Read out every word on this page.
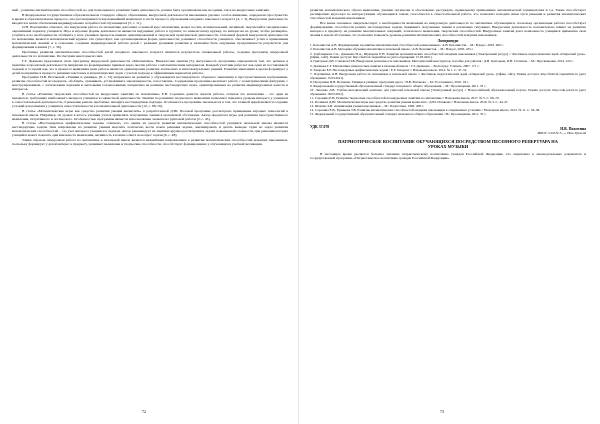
ний – развитие математических способностей, но для полноценного развития таких деятельность должна быть организована как не одним, так и не внеурочных занятиях.

В Федеральном государственном образовательном стандарте общего образования, внеурочной деятельности школьников уделено особое внимание, определено пространство и время в образовательном процессе, она рассматривается как важнейший компонент в части процесса образования младшего школьного возраста [4, с. 3]. Внеурочная деятельность вводится в целях обеспечения индивидуальных потребностей обучающихся [5, с. 11].

О.Н. Портнягина отмечает, что внеурочная работа по математике дополняет основной курс математики, может носить познавательный, активный, творческий и эмоционально окрашенный характер учащихся. Игра и игровые формы деятельности являются ведущими; работа в группах; по внеклассному кружку, по интересам на уроке; чтобы расширить, углубить и по необходимости обобщить у всех учеников процессы внешне ориентированной и творческой практической деятельности. Основной формой внеурочной деятельности по математике является математический кружок. Он существует, как организационная форма деятельности; развивает способности учащихся, обеспечивает успех в применении математических знаний, и в освоении, создании индивидуальной работы детей с разными уровнями развития и наличием быть ощущение продуктивности результатов для формирования в жизни [7, с. 36].

Проблемы развития математических способностей детей младшего школьного возраста являются результатом специальной работы, создавая программу внеурочной деятельности по математике. Рассмотрим некоторые из них.

Г.Т. Дьячкова предложила свою программу внеурочной деятельности «Математика». Внеклассная занятия [5]. Актуальность программы определяется тем, что ребенок в практике и проектной деятельности направлен на формирование приемов через анализ работы с математическим материалом. Каждый участник работает как один из поставленной задачей, в то время как, что в процессе выявления цели работы является ориентирован развитие логических и интеллектуальных умений. Развитие мышления в целом формирует у детей восприятие в процессе решения текстовых и математических задач с учетом подхода к эффективным вариантам работы.

Программа И.В. Волчковой «Умники и умницы» [8, с. 72] направлена на развитие у обучающихся нестандартного образного мышления в пространственном воображении, развитие способностей исследовать, обобщать, сравнивать, устанавливать закономерности, сопоставлять. Содержание программы включает работу с геометрическими фигурами, с конструированием, с логическими задачами и числовыми головоломками, направлена на решение нестандартных задач, ориентированных на развитие индивидуальных качеств и интересов.

В статье «Развитие творческих способностей на внеурочных занятиях по математике» Е.В. Сорокина делится опытом работы, отмечая что математика – это один из предметов, требующих наибольшего интереса учащихся в совместной деятельности. Занятия по развитию творческого мышления позволяют повысить уровень интереса у учащихся к самостоятельной деятельности, стремление решать проблемы, находить нестандартные подходы. Особенность программы заключается в том, что главной идеей является создание условий для развития у учащихся самостоятельности в познавательной деятельности [12, с. 68–70].

В статье «Математические игры как средство развития умения вычислять» в разработанной Д.Ю. Половой программе рассмотрено применение игровых технологий в начальной школе. Например, на уроках в классе ученики учатся применять полученные знания в незнакомой обстановке. Автор предлагает игры для развития пространственного мышления, ситуативного и логического. Особенностью программы является использование элементов групповой работы [2, с. 45].

В статье «Нестандартные арифметические задачи» отмечено, что одним из средств развития математических способностей учащихся начальной школы являются нестандартные задачи. Они направлены на развитие умения мыслить логически, вести поиск решения задачи, анализировать и делать выводы. Одна из задач развития математических способностей – это учет интереса учащихся к задачам. Автор рекомендует на занятиях кружка рассматривать задачи повышенной сложности, при решении которых учащийся может показать оригинальность мышления, активность в поиске ответа на вопрос задачи [6, с. 48].

Таким образом, внеурочная работа по математике в начальной школе является важнейшим направлением в развитии математических способностей младших школьников, поскольку формирует у детей интерес к предмету, развивает мышление и творческие способности, способствует формированию у обучающихся учебной мотивации.

72

развитие математического образа мышления, умению логически и обоснованно рассуждать, правильному применению математической терминологии и т.д. Также способствует расширению кругозора по интересующим обучающихся темам, способности к самостоятельной работе, что позволяет находить иные пути решения и развития математических способностей младших школьников.

Все выше сказанное свидетельствует о необходимости включения во внеурочную деятельность по математике обучающихся, поскольку организация работы способствует формированию способности решать нестандартные задачи, применять полученные знания в различных ситуациях. Внеурочная деятельность положительно влияет на развитие интереса к предмету, на развитие мыслительных операций, логического мышления, творческих способностей. Внеурочные занятия дают возможность учащимся применять свои знания в новой обстановке, что позволяет повысить уровень развития математических способностей младших школьников.

Литература

1. Белошистая А.В. Формирование и развитие математических способностей дошкольников / А.В. Белошистая. – М.: Владос, 2003. 400 с.

2. Белошистая А.В. Методика обучения математике в начальной школе / А.В. Белошистая. – М.: Владос, 2005. 455 с.

3. Горбатенкова Г.А., Джакаева Н.А., Шуварова Е.Н. Развитие математических способностей младших школьников [Электронный ресурс] // Фестиваль педагогических идей «Открытый урок». [Офиц. сайт]. Режим доступа: http://festival.1september.ru (дата обращения: 15.03.2021).

4. Григорьев Д.В. Степанов П.В. Внеурочная деятельность школьников. Методический конструктор: пособие для учителя / Д.В. Григорьев, П.В. Степанов. – М.: Просвещение, 2014. 223 с.

5. Дьячкова Г.Т. Математика: внеклассные занятия в начальной школе / Г.Т. Дьячкова. – Волгоград: Учитель, 2007. 171 с.

6. Захарова Е.Р. Нестандартные арифметические задачи / Е.Р. Захарова // Начальная школа. 2014. № 1. С. 47–52.

7. Портнягина О.Н. Внеурочная работа по математике в начальной школе // Фестиваль педагогических идей «Открытый урок». [Офиц. сайт]. Режим доступа: http://festival.1september.ru (дата обращения: 15.03.2021).

8. Программа И.В. Волчкова. Умники и умницы: программа курса / И.В. Волчкова. – М.: Ростовкнига, 2016. 18 с.

9. Федеральный государственный образовательный стандарт начального общего образования. – М.: Просвещение, 2011. 33 с.

10. Лысенко Л.В. Учебно-методический комплекс для учителей начальной школы [Электронный ресурс] // Всероссийский образовательный портал. Режим доступа: http://edu-portal.ru (дата обращения: 18.03.2021).

11. Сорокина Е.В. Развитие творческих способностей на внеурочных занятиях по математике // Начальная школа. 2017. № 5. С. 68–70.

12. Полякова Д.Ю. Математические игры как средство развития умения вычислять / Д.Ю. Полякова // Начальная школа. 2019. № 3. С. 44–47.

13. Шамова Т.И. Активизация учения школьников. – М.: Педагогика, 1982. 208 с.

14. Сорокина Е.В., Ермакова Т.В. Развитие математических способностей младших школьников в современных условиях // Начальная школа. 2013. № 11. С. 56–58.

15. Федеральный государственный образовательный стандарт начального общего образования / М.: Просвещение, 2011. 33 с.

УДК 37.078	Н.В. Пожотина
МБОУ «СШ № 3», г. Нью-Уренгой
ПАТРИОТИЧЕСКОЕ ВОСПИТАНИЕ ОБУЧАЮЩИХСЯ ПОСРЕДСТВОМ ПЕСЕННОГО РЕПЕРТУАРА НА УРОКАХ МУЗЫКИ

В настоящее время уделяется большое значение патриотическому воспитанию граждан Российской Федерации, что закреплено в законодательных документах и государственной программе «Патриотическое воспитание граждан Российской Федерации».

73
